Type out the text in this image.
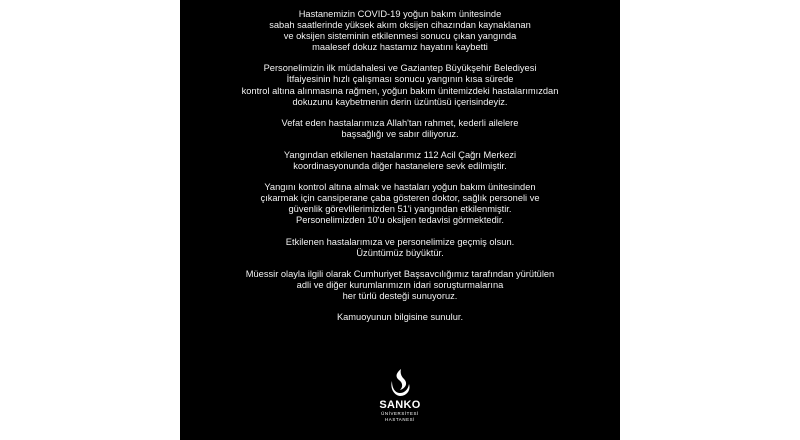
Hastanemizin COVID-19 yoğun bakım ünitesinde
sabah saatlerinde yüksek akım oksijen cihazından kaynaklanan
ve oksijen sisteminin etkilenmesi sonucu çıkan yangında
maalesef dokuz hastamız hayatını kaybetti

Personelimizin ilk müdahalesi ve Gaziantep Büyükşehir Belediyesi
İtfaiyesinin hızlı çalışması sonucu yangının kısa sürede
kontrol altına alınmasına rağmen, yoğun bakım ünitemizdeki hastalarımızdan
dokuzunu kaybetmenin derin üzüntüsü içerisindeyiz.

Vefat eden hastalarımıza Allah'tan rahmet, kederli ailelere
başsağlığı ve sabır diliyoruz.

Yangından etkilenen hastalarımız 112 Acil Çağrı Merkezi
koordinasyonunda diğer hastanelere sevk edilmiştir.

Yangını kontrol altına almak ve hastaları yoğun bakım ünitesinden
çıkarmak için cansiperane çaba gösteren doktor, sağlık personeli ve
güvenlik görevlilerimizden 51'i yangından etkilenmiştir.
Personelimizden 10'u oksijen tedavisi görmektedir.

Etkilenen hastalarımıza ve personelimize geçmiş olsun.
Üzüntümüz büyüktür.

Müessir olayla ilgili olarak Cumhuriyet Başsavcılığımız tarafından yürütülen
adli ve diğer kurumlarımızın idari soruşturmalarına
her türlü desteği sunuyoruz.

Kamuoyunun bilgisine sunulur.

SANKO
ÜNİVERSİTESİ
HASTANESİ
